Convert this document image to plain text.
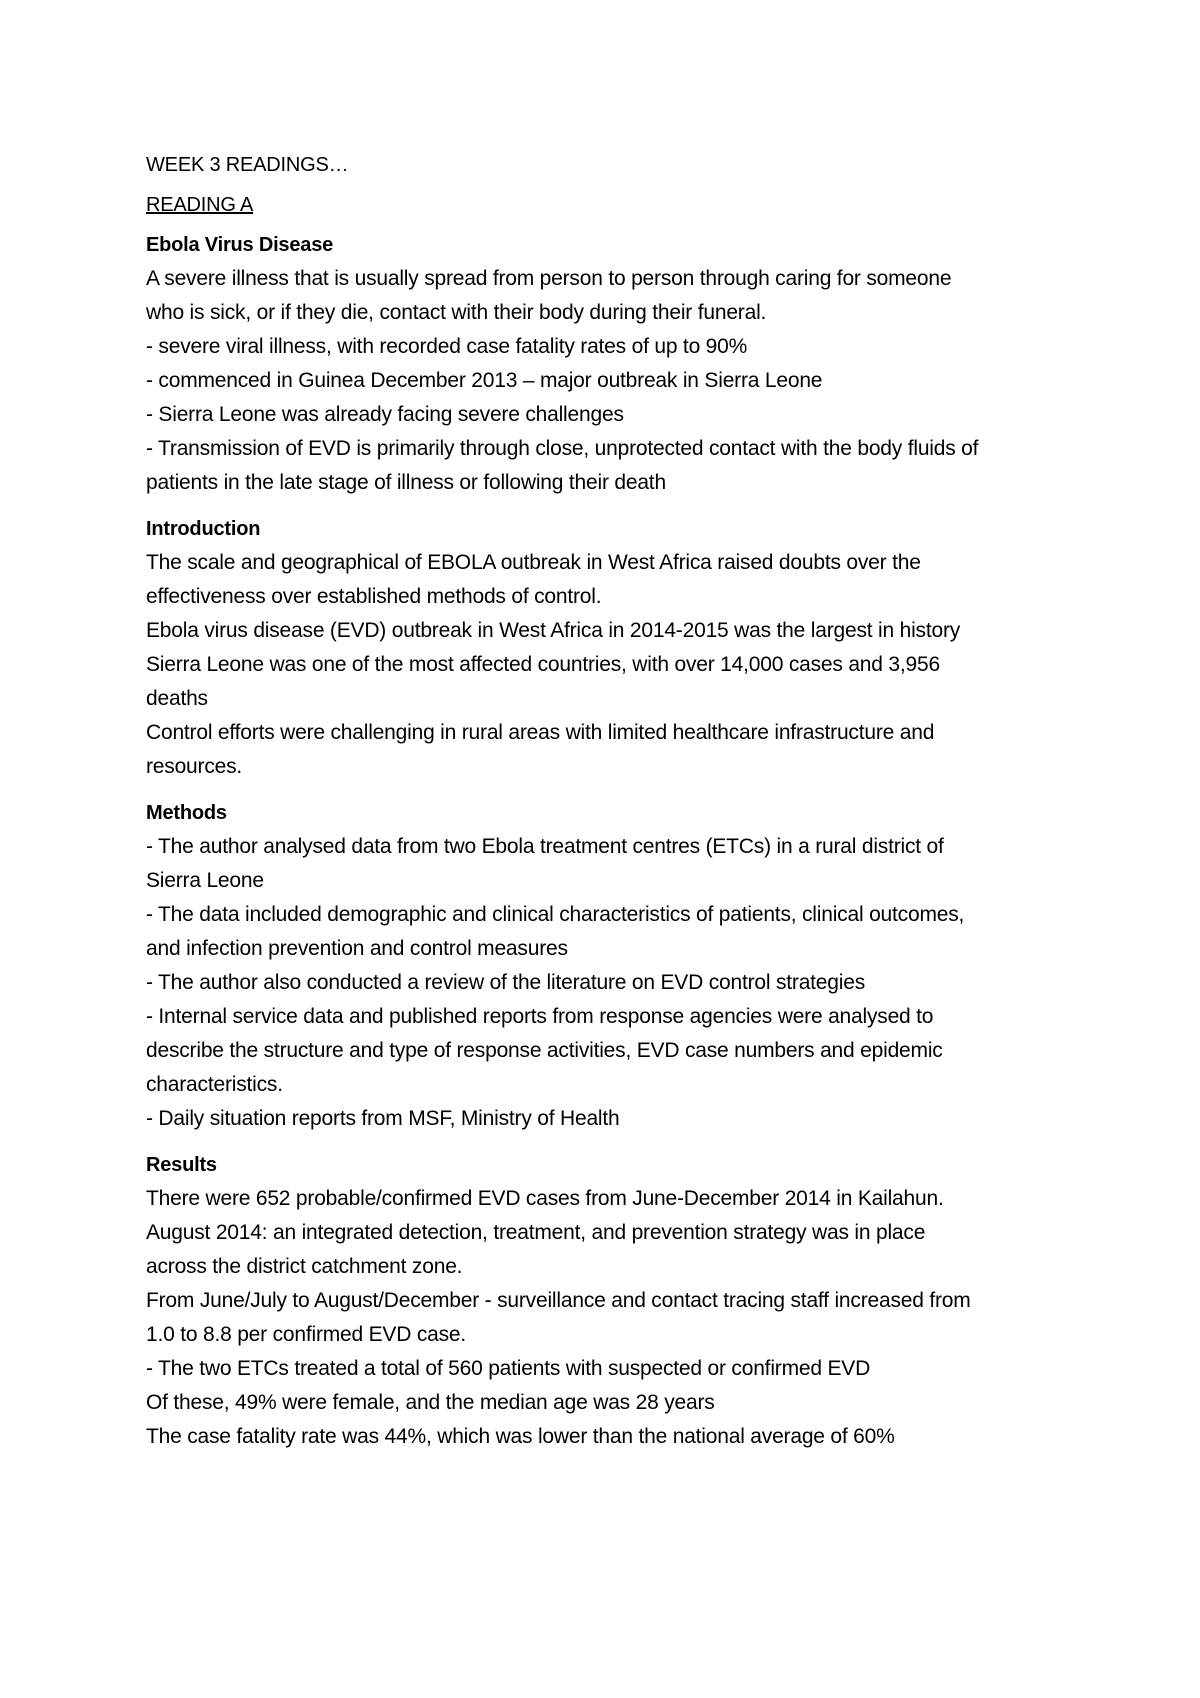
WEEK 3 READINGS…
READING A
Ebola Virus Disease
A severe illness that is usually spread from person to person through caring for someone
who is sick, or if they die, contact with their body during their funeral.
- severe viral illness, with recorded case fatality rates of up to 90%
- commenced in Guinea December 2013 – major outbreak in Sierra Leone
- Sierra Leone was already facing severe challenges
- Transmission of EVD is primarily through close, unprotected contact with the body fluids of
patients in the late stage of illness or following their death
Introduction
The scale and geographical of EBOLA outbreak in West Africa raised doubts over the
effectiveness over established methods of control.
Ebola virus disease (EVD) outbreak in West Africa in 2014-2015 was the largest in history
Sierra Leone was one of the most affected countries, with over 14,000 cases and 3,956
deaths
Control efforts were challenging in rural areas with limited healthcare infrastructure and
resources.
Methods
- The author analysed data from two Ebola treatment centres (ETCs) in a rural district of
Sierra Leone
- The data included demographic and clinical characteristics of patients, clinical outcomes,
and infection prevention and control measures
- The author also conducted a review of the literature on EVD control strategies
- Internal service data and published reports from response agencies were analysed to
describe the structure and type of response activities, EVD case numbers and epidemic
characteristics.
- Daily situation reports from MSF, Ministry of Health
Results
There were 652 probable/confirmed EVD cases from June-December 2014 in Kailahun.
August 2014: an integrated detection, treatment, and prevention strategy was in place
across the district catchment zone.
From June/July to August/December - surveillance and contact tracing staff increased from
1.0 to 8.8 per confirmed EVD case.
- The two ETCs treated a total of 560 patients with suspected or confirmed EVD
Of these, 49% were female, and the median age was 28 years
The case fatality rate was 44%, which was lower than the national average of 60%
